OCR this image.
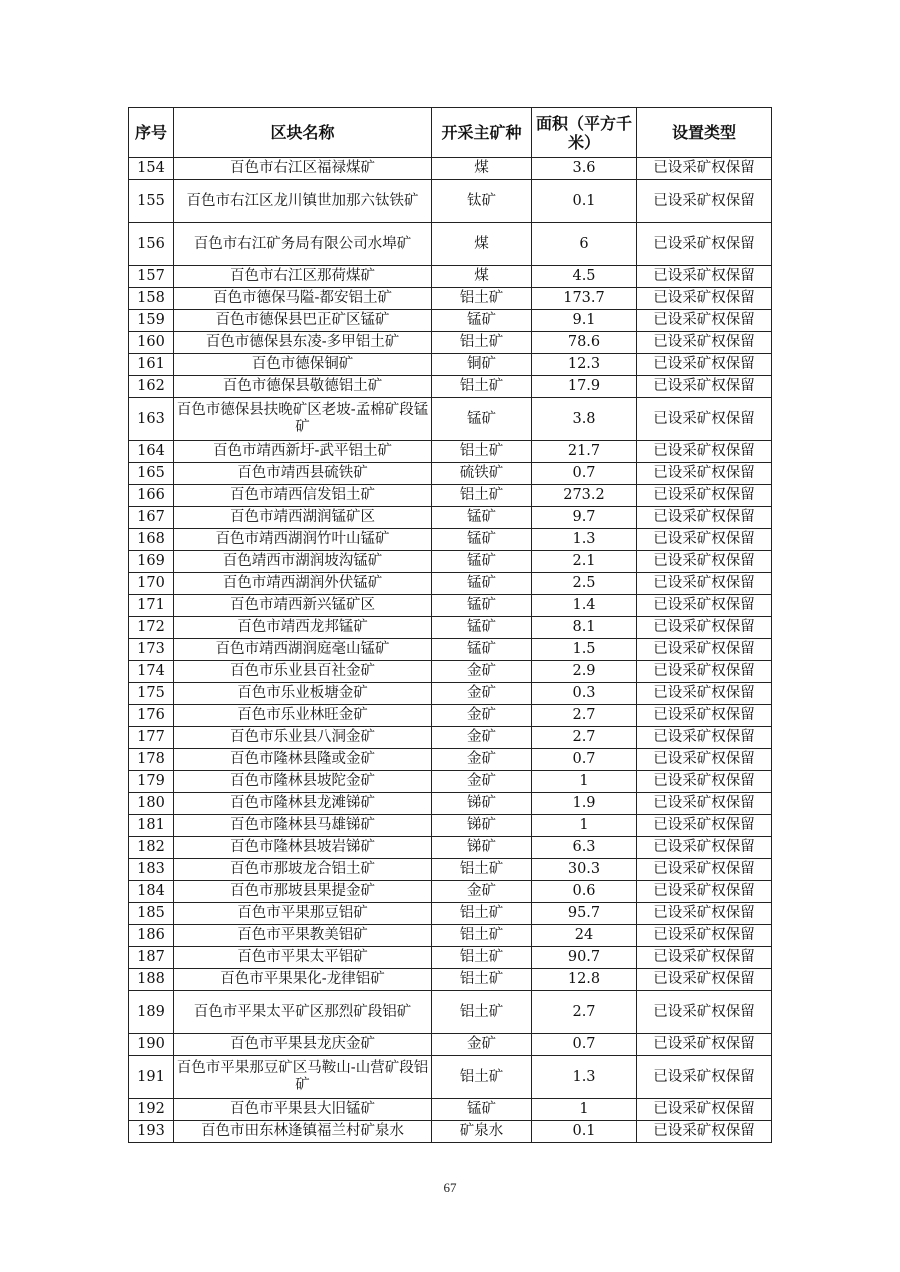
序号	区块名称	开采主矿种	面积（平方千米）	设置类型
154	百色市右江区福禄煤矿	煤	3.6	已设采矿权保留
155	百色市右江区龙川镇世加那六钛铁矿	钛矿	0.1	已设采矿权保留
156	百色市右江矿务局有限公司水埠矿	煤	6	已设采矿权保留
157	百色市右江区那荷煤矿	煤	4.5	已设采矿权保留
158	百色市德保马隘-都安铝土矿	铝土矿	173.7	已设采矿权保留
159	百色市德保县巴正矿区锰矿	锰矿	9.1	已设采矿权保留
160	百色市德保县东凌-多甲铝土矿	铝土矿	78.6	已设采矿权保留
161	百色市德保铜矿	铜矿	12.3	已设采矿权保留
162	百色市德保县敬德铝土矿	铝土矿	17.9	已设采矿权保留
163	百色市德保县扶晚矿区老坡-孟棉矿段锰矿	锰矿	3.8	已设采矿权保留
164	百色市靖西新圩-武平铝土矿	铝土矿	21.7	已设采矿权保留
165	百色市靖西县硫铁矿	硫铁矿	0.7	已设采矿权保留
166	百色市靖西信发铝土矿	铝土矿	273.2	已设采矿权保留
167	百色市靖西湖润锰矿区	锰矿	9.7	已设采矿权保留
168	百色市靖西湖润竹叶山锰矿	锰矿	1.3	已设采矿权保留
169	百色靖西市湖润坡沟锰矿	锰矿	2.1	已设采矿权保留
170	百色市靖西湖润外伏锰矿	锰矿	2.5	已设采矿权保留
171	百色市靖西新兴锰矿区	锰矿	1.4	已设采矿权保留
172	百色市靖西龙邦锰矿	锰矿	8.1	已设采矿权保留
173	百色市靖西湖润庭毫山锰矿	锰矿	1.5	已设采矿权保留
174	百色市乐业县百社金矿	金矿	2.9	已设采矿权保留
175	百色市乐业板塘金矿	金矿	0.3	已设采矿权保留
176	百色市乐业林旺金矿	金矿	2.7	已设采矿权保留
177	百色市乐业县八洞金矿	金矿	2.7	已设采矿权保留
178	百色市隆林县隆或金矿	金矿	0.7	已设采矿权保留
179	百色市隆林县坡陀金矿	金矿	1	已设采矿权保留
180	百色市隆林县龙滩锑矿	锑矿	1.9	已设采矿权保留
181	百色市隆林县马雄锑矿	锑矿	1	已设采矿权保留
182	百色市隆林县坡岩锑矿	锑矿	6.3	已设采矿权保留
183	百色市那坡龙合铝土矿	铝土矿	30.3	已设采矿权保留
184	百色市那坡县果提金矿	金矿	0.6	已设采矿权保留
185	百色市平果那豆铝矿	铝土矿	95.7	已设采矿权保留
186	百色市平果教美铝矿	铝土矿	24	已设采矿权保留
187	百色市平果太平铝矿	铝土矿	90.7	已设采矿权保留
188	百色市平果果化-龙律铝矿	铝土矿	12.8	已设采矿权保留
189	百色市平果太平矿区那烈矿段铝矿	铝土矿	2.7	已设采矿权保留
190	百色市平果县龙庆金矿	金矿	0.7	已设采矿权保留
191	百色市平果那豆矿区马鞍山-山营矿段铝矿	铝土矿	1.3	已设采矿权保留
192	百色市平果县大旧锰矿	锰矿	1	已设采矿权保留
193	百色市田东林逢镇福兰村矿泉水	矿泉水	0.1	已设采矿权保留
67
